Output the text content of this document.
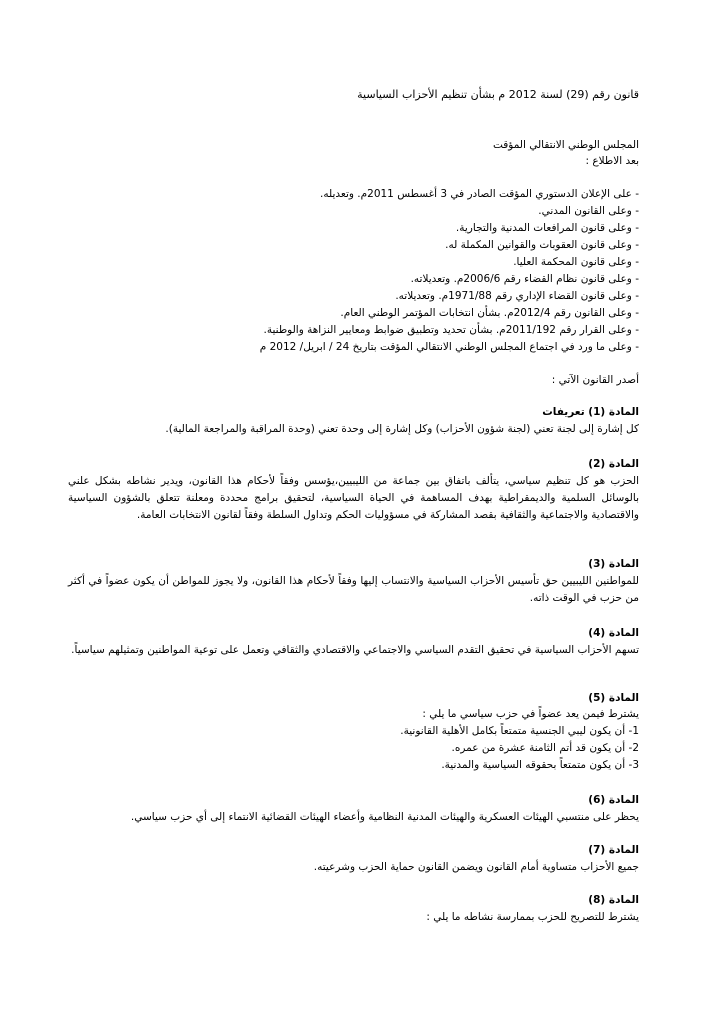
قانون رقم (29) لسنة 2012 م بشأن تنظيم الأحزاب السياسية
المجلس الوطني الانتقالي المؤقت
بعد الاطلاع :
- على الإعلان الدستوري المؤقت الصادر في 3 أغسطس 2011م. وتعديله.
- وعلى القانون المدني.
- وعلى قانون المرافعات المدنية والتجارية.
- وعلى قانون العقوبات والقوانين المكملة له.
- وعلى قانون المحكمة العليا.
- وعلى قانون نظام القضاء رقم 2006/6م. وتعديلاته.
- وعلى قانون القضاء الإداري رقم 1971/88م. وتعديلاته.
- وعلى القانون رقم 2012/4م. بشأن انتخابات المؤتمر الوطني العام.
- وعلى القرار رقم 2011/192م. بشأن تحديد وتطبيق ضوابط ومعايير النزاهة والوطنية.
- وعلى ما ورد في اجتماع المجلس الوطني الانتقالي المؤقت بتاريخ 24 / ابريل/ 2012 م
أصدر القانون الآتي :
المادة (1) تعريفات
كل إشارة إلى لجنة تعني (لجنة شؤون الأحزاب) وكل إشارة إلى وحدة تعني (وحدة المراقبة والمراجعة المالية).
المادة (2)
الحزب هو كل تنظيم سياسي، يتألف باتفاق بين جماعة من الليبيين،يؤسس وفقاً لأحكام هذا القانون، ويدير نشاطه بشكل علني بالوسائل السلمية والديمقراطية بهدف المساهمة في الحياة السياسية، لتحقيق برامج محددة ومعلنة تتعلق بالشؤون السياسية والاقتصادية والاجتماعية والثقافية بقصد المشاركة في مسؤوليات الحكم وتداول السلطة وفقاً لقانون الانتخابات العامة.
المادة (3)
للمواطنين الليبيين حق تأسيس الأحزاب السياسية والانتساب إليها وفقاً لأحكام هذا القانون، ولا يجوز للمواطن أن يكون عضواً في أكثر من حزب في الوقت ذاته.
المادة (4)
تسهم الأحزاب السياسية في تحقيق التقدم السياسي والاجتماعي والاقتصادي والثقافي وتعمل على توعية المواطنين وتمثيلهم سياسياً.
المادة (5)
يشترط فيمن يعد عضواً في حزب سياسي ما يلي :
1- أن يكون ليبي الجنسية متمتعاً بكامل الأهلية القانونية.
2- أن يكون قد أتم الثامنة عشرة من عمره.
3- أن يكون متمتعاً بحقوقه السياسية والمدنية.
المادة (6)
يحظر على منتسبي الهيئات العسكرية والهيئات المدنية النظامية وأعضاء الهيئات القضائية الانتماء إلى أي حزب سياسي.
المادة (7)
جميع الأحزاب متساوية أمام القانون ويضمن القانون حماية الحزب وشرعيته.
المادة (8)
يشترط للتصريح للحزب بممارسة نشاطه ما يلي :
